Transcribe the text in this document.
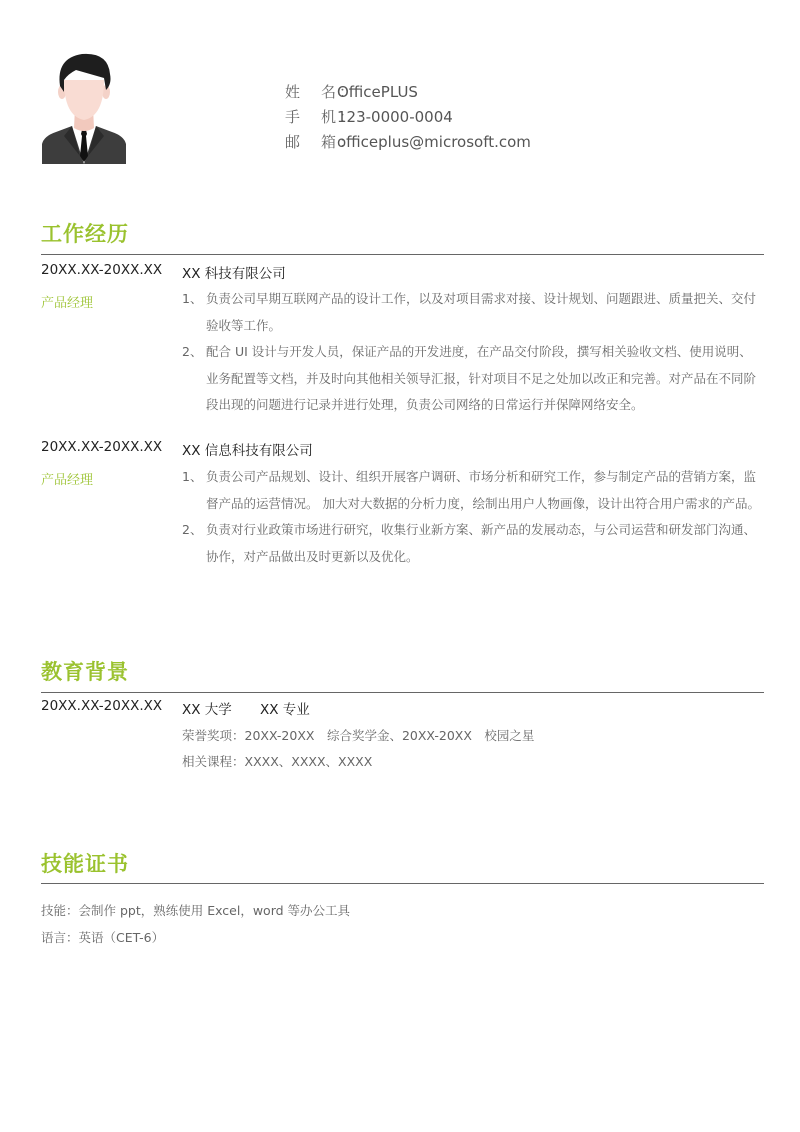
姓　名：OfficePLUS
手　机：123-0000-0004
邮　箱：officeplus@microsoft.com
工作经历
20XX.XX-20XX.XX XX 科技有限公司
产品经理	1、 负责公司早期互联网产品的设计工作，以及对项目需求对接、设计规划、问题跟进、质量把关、交付验收等工作。
2、 配合 UI 设计与开发人员，保证产品的开发进度，在产品交付阶段，撰写相关验收文档、使用说明、业务配置等文档，并及时向其他相关领导汇报，针对项目不足之处加以改正和完善。对产品在不同阶段出现的问题进行记录并进行处理，负责公司网络的日常运行并保障网络安全。
20XX.XX-20XX.XX XX 信息科技有限公司
产品经理	1、 负责公司产品规划、设计、组织开展客户调研、市场分析和研究工作，参与制定产品的营销方案，监督产品的运营情况。 加大对大数据的分析力度，绘制出用户人物画像，设计出符合用户需求的产品。
2、 负责对行业政策市场进行研究，收集行业新方案、新产品的发展动态，与公司运营和研发部门沟通、协作，对产品做出及时更新以及优化。
教育背景
20XX.XX-20XX.XX XX 大学 XX 专业
荣誉奖项：20XX-20XX　综合奖学金、20XX-20XX　校园之星
相关课程：XXXX、XXXX、XXXX
技能证书
技能：会制作 ppt，熟练使用 Excel，word 等办公工具
语言：英语（CET-6）
